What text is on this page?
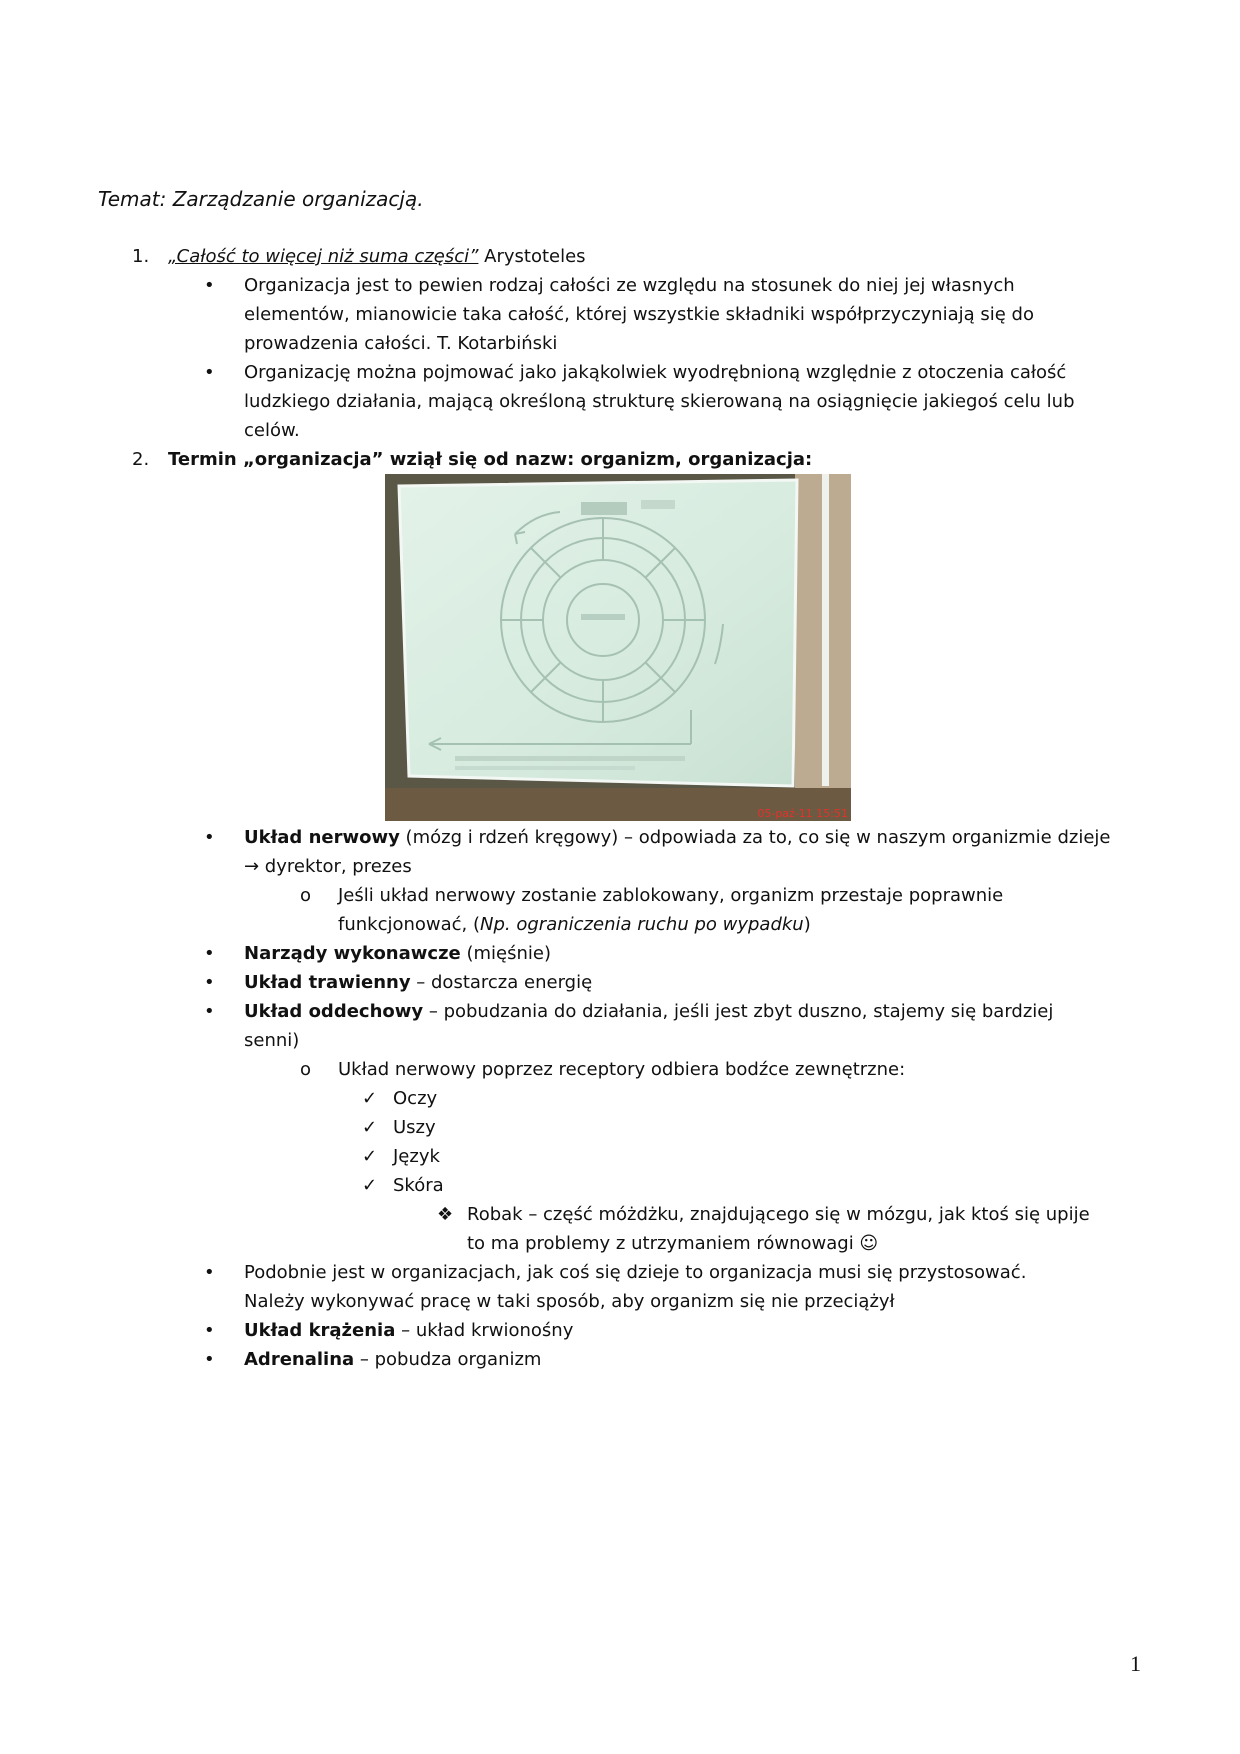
Temat: Zarządzanie organizacją.
1. „Całość to więcej niż suma części” Arystoteles
• Organizacja jest to pewien rodzaj całości ze względu na stosunek do niej jej własnych
elementów, mianowicie taka całość, której wszystkie składniki współprzyczyniają się do
prowadzenia całości. T. Kotarbiński
• Organizację można pojmować jako jakąkolwiek wyodrębnioną względnie z otoczenia całość
ludzkiego działania, mającą określoną strukturę skierowaną na osiągnięcie jakiegoś celu lub
celów.
2. Termin „organizacja” wziął się od nazw: organizm, organizacja:
05-paź-11 15:51
• Układ nerwowy (mózg i rdzeń kręgowy) – odpowiada za to, co się w naszym organizmie dzieje
→ dyrektor, prezes
o Jeśli układ nerwowy zostanie zablokowany, organizm przestaje poprawnie
funkcjonować, (Np. ograniczenia ruchu po wypadku)
• Narządy wykonawcze (mięśnie)
• Układ trawienny – dostarcza energię
• Układ oddechowy – pobudzania do działania, jeśli jest zbyt duszno, stajemy się bardziej
senni)
o Układ nerwowy poprzez receptory odbiera bodźce zewnętrzne:
✓ Oczy
✓ Uszy
✓ Język
✓ Skóra
❖ Robak – część móżdżku, znajdującego się w mózgu, jak ktoś się upije
to ma problemy z utrzymaniem równowagi ☺
• Podobnie jest w organizacjach, jak coś się dzieje to organizacja musi się przystosować.
Należy wykonywać pracę w taki sposób, aby organizm się nie przeciążył
• Układ krążenia – układ krwionośny
• Adrenalina – pobudza organizm
1
